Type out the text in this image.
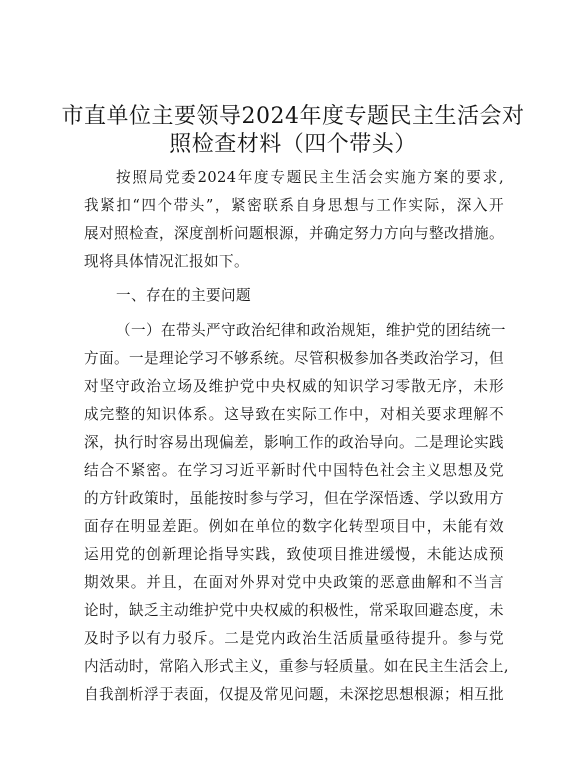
市直单位主要领导2024年度专题民主生活会对
照检查材料（四个带头）
按照局党委2024年度专题民主生活会实施方案的要求,
我紧扣“四个带头”，紧密联系自身思想与工作实际，深入开
展对照检查，深度剖析问题根源，并确定努力方向与整改措施。
现将具体情况汇报如下。
一、存在的主要问题
（一）在带头严守政治纪律和政治规矩，维护党的团结统一
方面。一是理论学习不够系统。尽管积极参加各类政治学习，但
对坚守政治立场及维护党中央权威的知识学习零散无序，未形
成完整的知识体系。这导致在实际工作中，对相关要求理解不
深，执行时容易出现偏差，影响工作的政治导向。二是理论实践
结合不紧密。在学习习近平新时代中国特色社会主义思想及党
的方针政策时，虽能按时参与学习，但在学深悟透、学以致用方
面存在明显差距。例如在单位的数字化转型项目中，未能有效
运用党的创新理论指导实践，致使项目推进缓慢，未能达成预
期效果。并且，在面对外界对党中央政策的恶意曲解和不当言
论时，缺乏主动维护党中央权威的积极性，常采取回避态度，未
及时予以有力驳斥。二是党内政治生活质量亟待提升。参与党
内活动时，常陷入形式主义，重参与轻质量。如在民主生活会上,
自我剖析浮于表面，仅提及常见问题，未深挖思想根源；相互批
